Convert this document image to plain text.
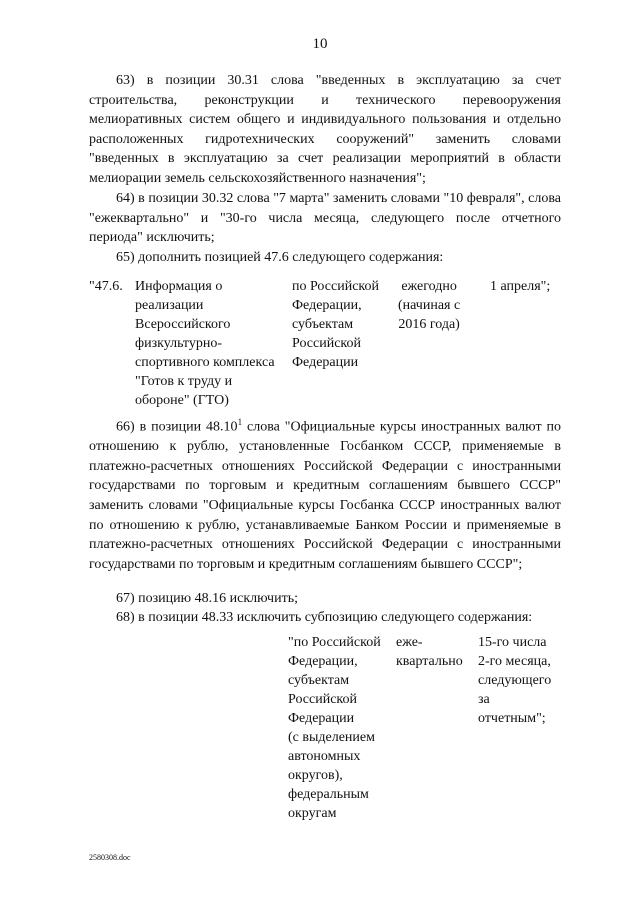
10

63) в позиции 30.31 слова "введенных в эксплуатацию за счет строительства, реконструкции и технического перевооружения мелиоративных систем общего и индивидуального пользования и отдельно расположенных гидротехнических сооружений" заменить словами "введенных в эксплуатацию за счет реализации мероприятий в области мелиорации земель сельскохозяйственного назначения";

64) в позиции 30.32 слова "7 марта" заменить словами "10 февраля", слова "ежеквартально" и "30-го числа месяца, следующего после отчетного периода" исключить;

65) дополнить позицией 47.6 следующего содержания:

"47.6. Информация о
реализации
Всероссийского
физкультурно-
спортивного комплекса
"Готов к труду и
обороне" (ГТО)
по Российской
Федерации,
субъектам
Российской
Федерации
ежегодно
(начиная с
2016 года)
1 апреля";

66) в позиции 48.10$^1$ слова "Официальные курсы иностранных валют по отношению к рублю, установленные Госбанком СССР, применяемые в платежно-расчетных отношениях Российской Федерации с иностранными государствами по торговым и кредитным соглашениям бывшего СССР" заменить словами "Официальные курсы Госбанка СССР иностранных валют по отношению к рублю, устанавливаемые Банком России и применяемые в платежно-расчетных отношениях Российской Федерации с иностранными государствами по торговым и кредитным соглашениям бывшего СССР";

67) позицию 48.16 исключить;

68) в позиции 48.33 исключить субпозицию следующего содержания:

"по Российской
Федерации,
субъектам
Российской
Федерации
(с выделением
автономных
округов),
федеральным
округам
еже-
квартально
15-го числа
2-го месяца,
следующего
за
отчетным";
2580308.doc
